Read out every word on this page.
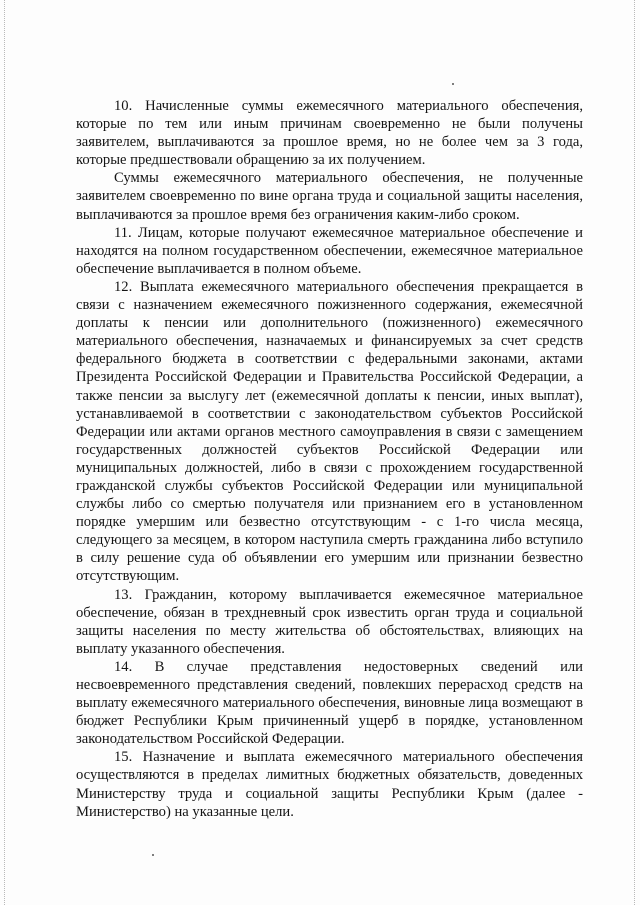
10. Начисленные суммы ежемесячного материального обеспечения, которые по тем или иным причинам своевременно не были получены заявителем, выплачиваются за прошлое время, но не более чем за 3 года, которые предшествовали обращению за их получением.

Суммы ежемесячного материального обеспечения, не полученные заявителем своевременно по вине органа труда и социальной защиты населения, выплачиваются за прошлое время без ограничения каким-либо сроком.

11. Лицам, которые получают ежемесячное материальное обеспечение и находятся на полном государственном обеспечении, ежемесячное материальное обеспечение выплачивается в полном объеме.

12. Выплата ежемесячного материального обеспечения прекращается в связи с назначением ежемесячного пожизненного содержания, ежемесячной доплаты к пенсии или дополнительного (пожизненного) ежемесячного материального обеспечения, назначаемых и финансируемых за счет средств федерального бюджета в соответствии с федеральными законами, актами Президента Российской Федерации и Правительства Российской Федерации, а также пенсии за выслугу лет (ежемесячной доплаты к пенсии, иных выплат), устанавливаемой в соответствии с законодательством субъектов Российской Федерации или актами органов местного самоуправления в связи с замещением государственных должностей субъектов Российской Федерации или муниципальных должностей, либо в связи с прохождением государственной гражданской службы субъектов Российской Федерации или муниципальной службы либо со смертью получателя или признанием его в установленном порядке умершим или безвестно отсутствующим - с 1-го числа месяца, следующего за месяцем, в котором наступила смерть гражданина либо вступило в силу решение суда об объявлении его умершим или признании безвестно отсутствующим.

13. Гражданин, которому выплачивается ежемесячное материальное обеспечение, обязан в трехдневный срок известить орган труда и социальной защиты населения по месту жительства об обстоятельствах, влияющих на выплату указанного обеспечения.

14. В случае представления недостоверных сведений или несвоевременного представления сведений, повлекших перерасход средств на выплату ежемесячного материального обеспечения, виновные лица возмещают в бюджет Республики Крым причиненный ущерб в порядке, установленном законодательством Российской Федерации.

15. Назначение и выплата ежемесячного материального обеспечения осуществляются в пределах лимитных бюджетных обязательств, доведенных Министерству труда и социальной защиты Республики Крым (далее - Министерство) на указанные цели.
